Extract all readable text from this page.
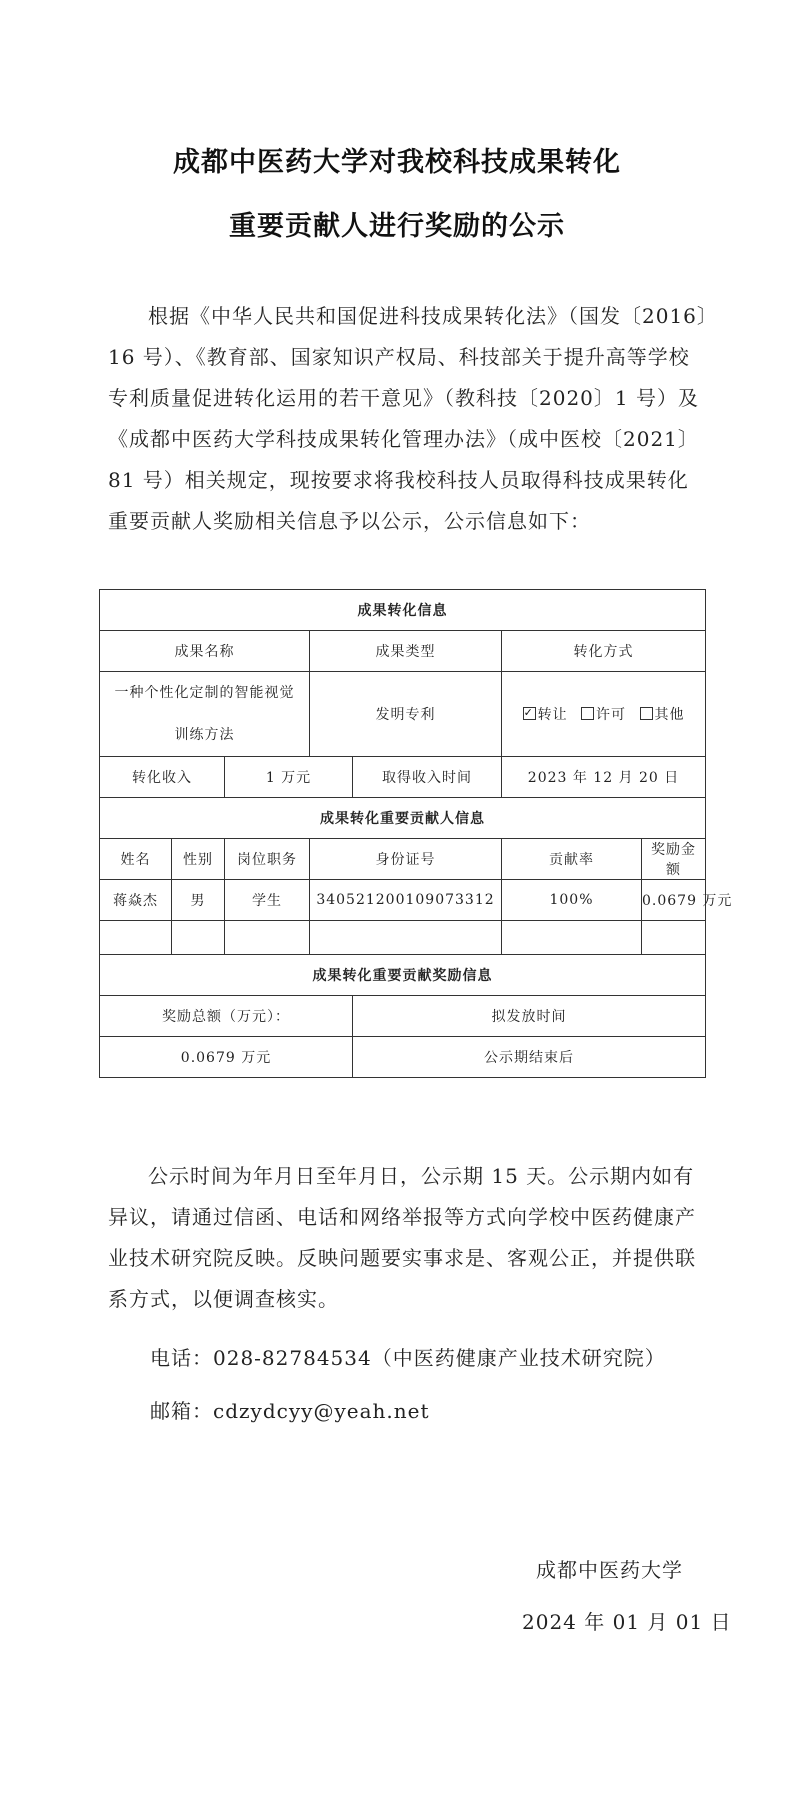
成都中医药大学对我校科技成果转化
重要贡献人进行奖励的公示
根据《中华人民共和国促进科技成果转化法》（国发〔2016〕
16 号）、《教育部、国家知识产权局、科技部关于提升高等学校
专利质量促进转化运用的若干意见》（教科技〔2020〕1 号）及
《成都中医药大学科技成果转化管理办法》（成中医校〔2021〕
81 号）相关规定，现按要求将我校科技人员取得科技成果转化
重要贡献人奖励相关信息予以公示，公示信息如下：
成果转化信息						
成果名称			成果类型		转化方式	

一种个性化定制的智能视觉
训练方法			发明专利	✓转让 许可 其他
转化收入		1 万元		取得收入时间	2023 年 12 月 20 日	
成果转化重要贡献人信息						
姓名	性别	岗位职务	身份证号		贡献率	奖励金额
蒋焱杰	男	学生	340521200109073312		100%	0.0679 万元

成果转化重要贡献奖励信息						
奖励总额（万元）：				拟发放时间		
0.0679 万元				公示期结束后		
公示时间为年月日至年月日，公示期 15 天。公示期内如有
异议，请通过信函、电话和网络举报等方式向学校中医药健康产
业技术研究院反映。反映问题要实事求是、客观公正，并提供联
系方式，以便调查核实。
电话：028-82784534（中医药健康产业技术研究院）
邮箱：cdzydcyy@yeah.net
成都中医药大学
2024 年 01 月 01 日
